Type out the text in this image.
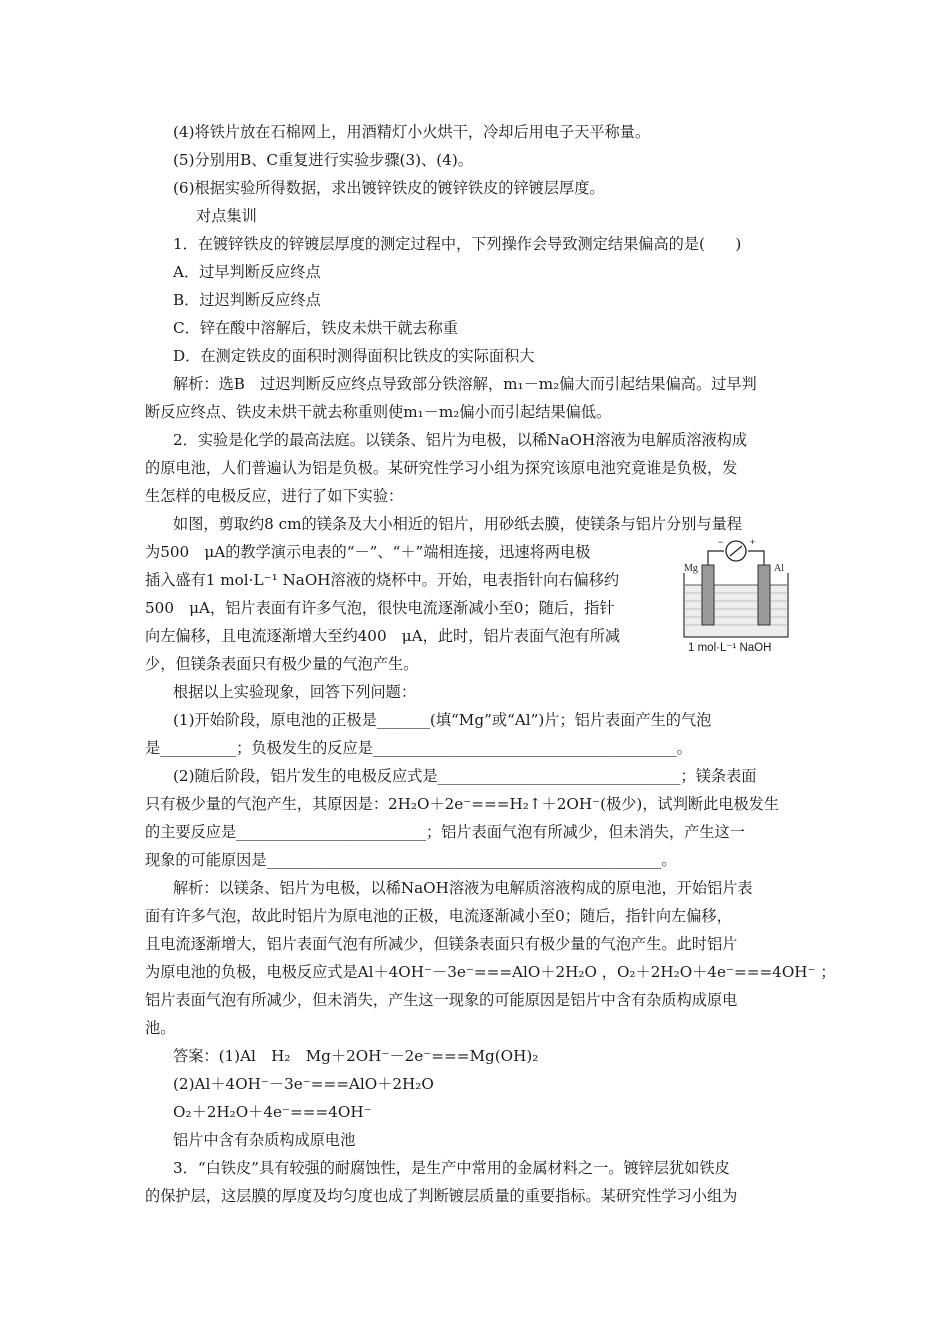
(4)将铁片放在石棉网上，用酒精灯小火烘干，冷却后用电子天平称量。
(5)分别用B、C重复进行实验步骤(3)、(4)。
(6)根据实验所得数据，求出镀锌铁皮的镀锌铁皮的锌镀层厚度。
对点集训
1．在镀锌铁皮的锌镀层厚度的测定过程中，下列操作会导致测定结果偏高的是(　　)
A．过早判断反应终点
B．过迟判断反应终点
C．锌在酸中溶解后，铁皮未烘干就去称重
D．在测定铁皮的面积时测得面积比铁皮的实际面积大
解析：选B　过迟判断反应终点导致部分铁溶解，m₁－m₂偏大而引起结果偏高。过早判
断反应终点、铁皮未烘干就去称重则使m₁－m₂偏小而引起结果偏低。
2．实验是化学的最高法庭。以镁条、铝片为电极，以稀NaOH溶液为电解质溶液构成
的原电池，人们普遍认为铝是负极。某研究性学习小组为探究该原电池究竟谁是负极，发
生怎样的电极反应，进行了如下实验：
如图，剪取约8 cm的镁条及大小相近的铝片，用砂纸去膜，使镁条与铝片分别与量程
为500　μA的教学演示电表的“－”、“＋”端相连接，迅速将两电极
插入盛有1 mol·L⁻¹ NaOH溶液的烧杯中。开始，电表指针向右偏移约
500　μA，铝片表面有许多气泡，很快电流逐渐减小至0；随后，指针
向左偏移，且电流逐渐增大至约400　μA，此时，铝片表面气泡有所减
少，但镁条表面只有极少量的气泡产生。
根据以上实验现象，回答下列问题：
(1)开始阶段，原电池的正极是_______(填“Mg”或“Al”)片；铝片表面产生的气泡
是__________；负极发生的反应是________________________________________。
(2)随后阶段，铝片发生的电极反应式是________________________________；镁条表面
只有极少量的气泡产生，其原因是：2H₂O＋2e⁻===H₂↑＋2OH⁻(极少)，试判断此电极发生
的主要反应是_________________________；铝片表面气泡有所减少，但未消失，产生这一
现象的可能原因是____________________________________________________。
解析：以镁条、铝片为电极，以稀NaOH溶液为电解质溶液构成的原电池，开始铝片表
面有许多气泡，故此时铝片为原电池的正极，电流逐渐减小至0；随后，指针向左偏移，
且电流逐渐增大，铝片表面气泡有所减少，但镁条表面只有极少量的气泡产生。此时铝片
为原电池的负极，电极反应式是Al＋4OH⁻－3e⁻===AlO＋2H₂O ，O₂＋2H₂O＋4e⁻===4OH⁻ ；
铝片表面气泡有所减少，但未消失，产生这一现象的可能原因是铝片中含有杂质构成原电
池。
答案：(1)Al　H₂　Mg＋2OH⁻－2e⁻===Mg(OH)₂
(2)Al＋4OH⁻－3e⁻===AlO＋2H₂O
O₂＋2H₂O＋4e⁻===4OH⁻
铝片中含有杂质构成原电池
3．“白铁皮”具有较强的耐腐蚀性，是生产中常用的金属材料之一。镀锌层犹如铁皮
的保护层，这层膜的厚度及均匀度也成了判断镀层质量的重要指标。某研究性学习小组为
−	+
Mg	Al
1 mol·L⁻¹ NaOH
